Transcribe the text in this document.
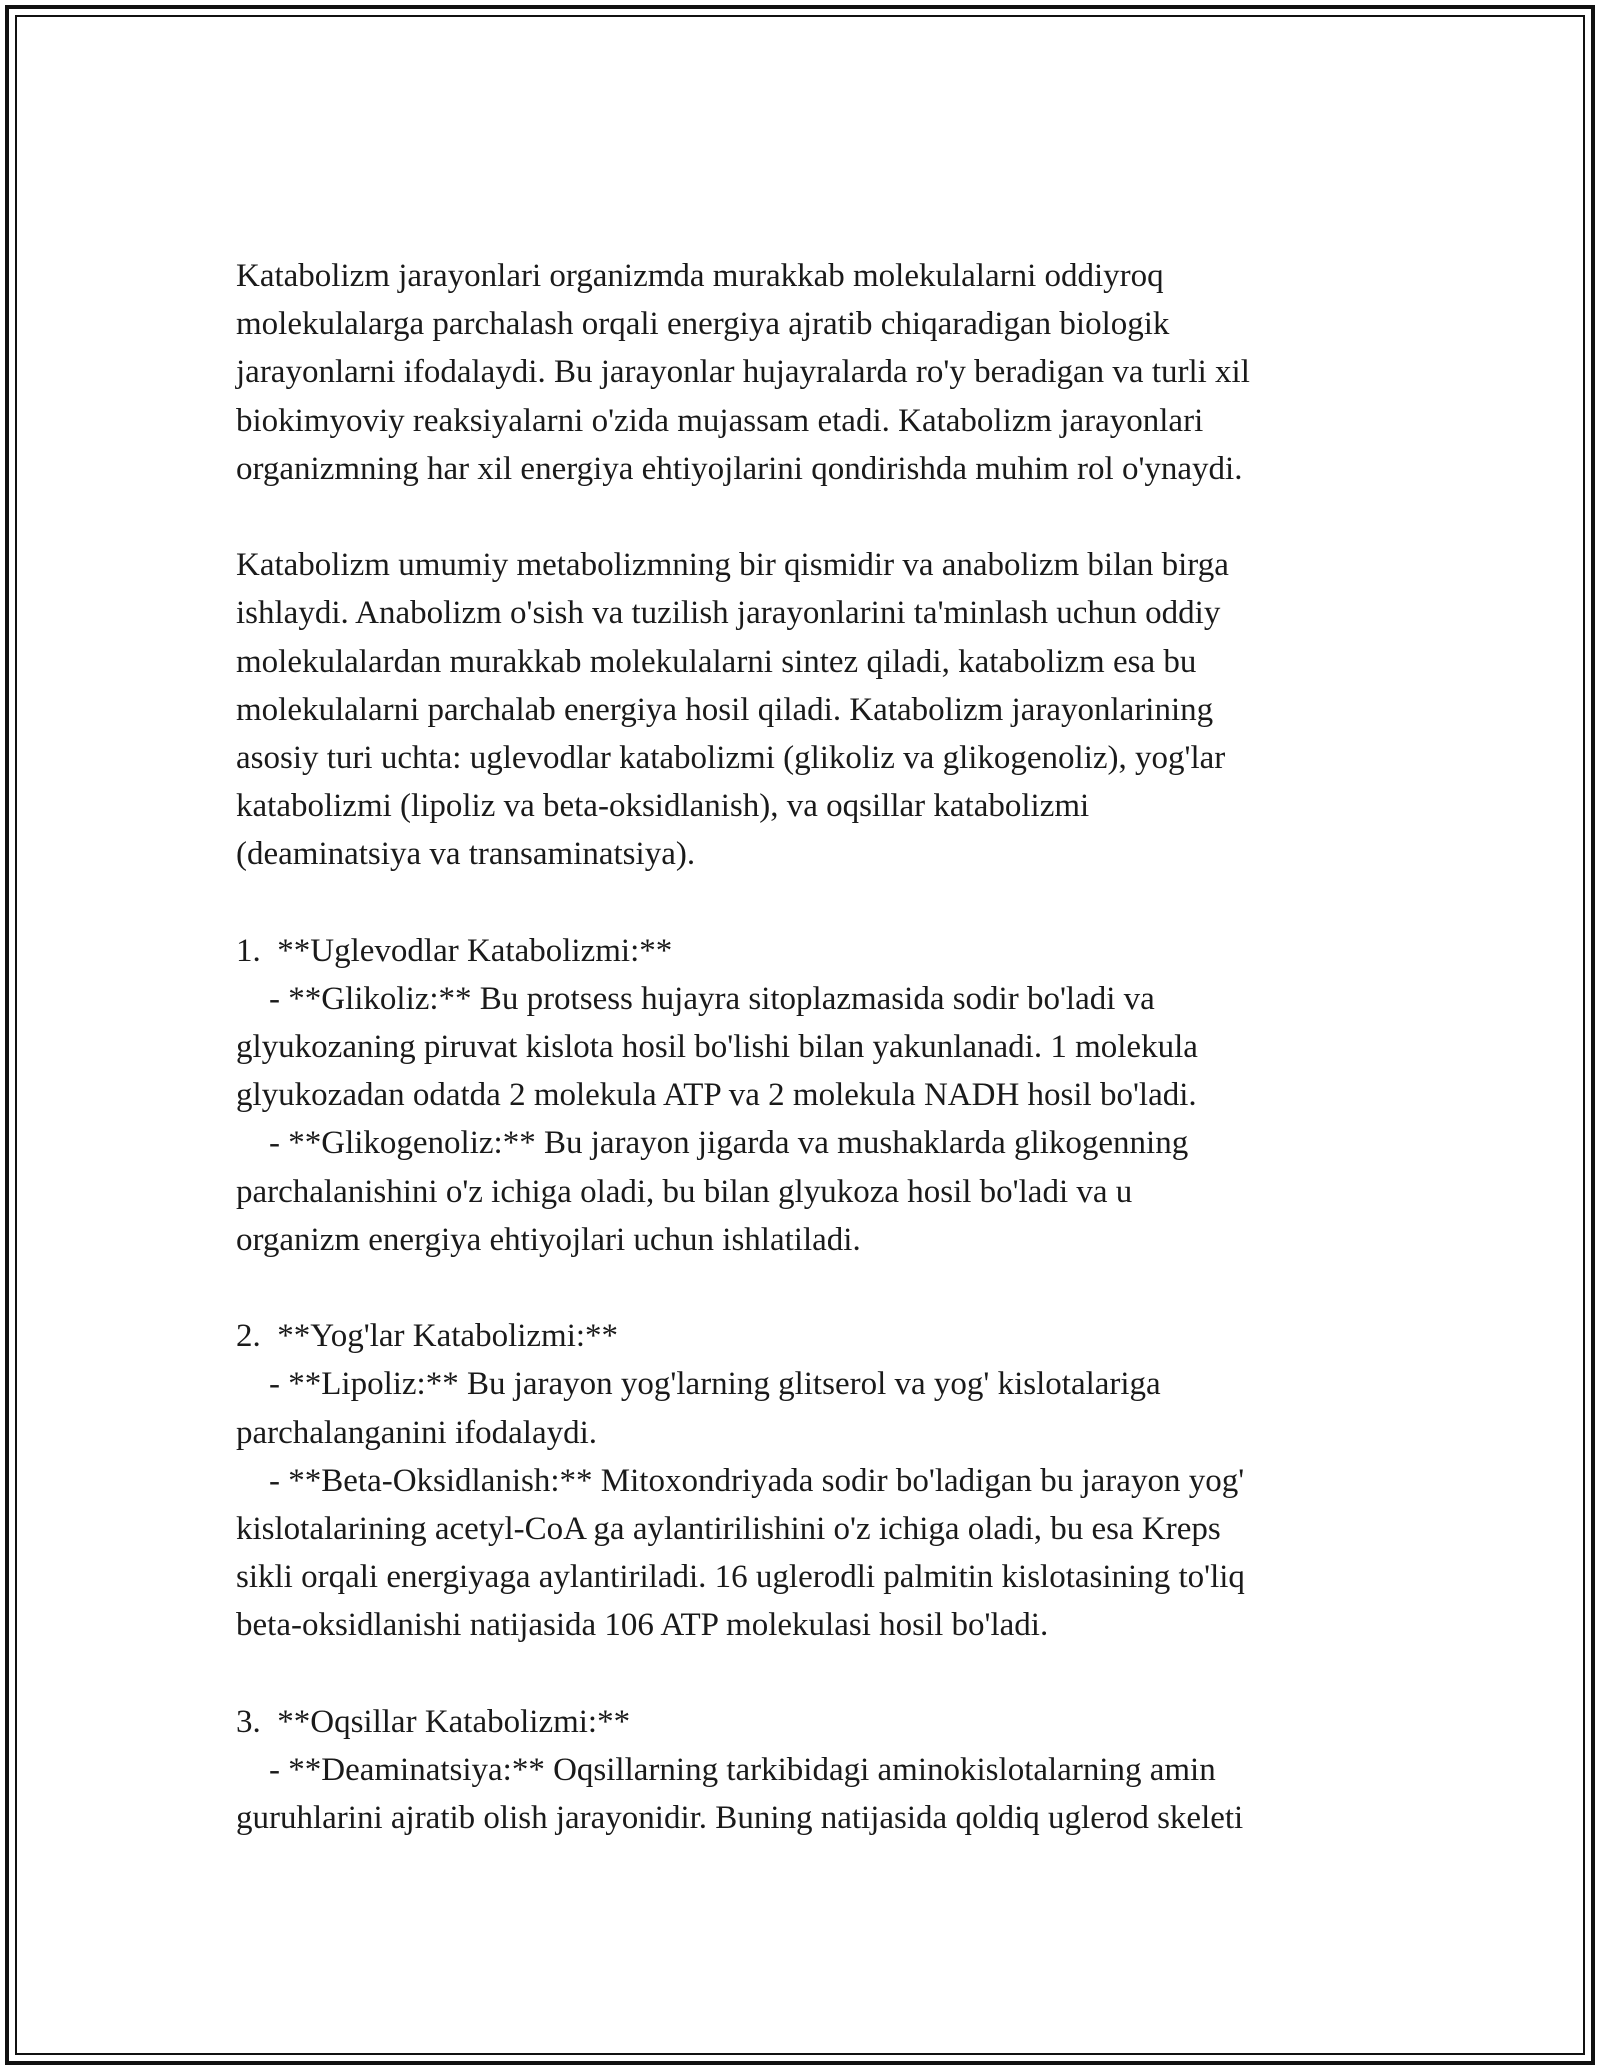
Katabolizm jarayonlari organizmda murakkab molekulalarni oddiyroq
molekulalarga parchalash orqali energiya ajratib chiqaradigan biologik
jarayonlarni ifodalaydi. Bu jarayonlar hujayralarda ro'y beradigan va turli xil
biokimyoviy reaksiyalarni o'zida mujassam etadi. Katabolizm jarayonlari
organizmning har xil energiya ehtiyojlarini qondirishda muhim rol o'ynaydi.
Katabolizm umumiy metabolizmning bir qismidir va anabolizm bilan birga
ishlaydi. Anabolizm o'sish va tuzilish jarayonlarini ta'minlash uchun oddiy
molekulalardan murakkab molekulalarni sintez qiladi, katabolizm esa bu
molekulalarni parchalab energiya hosil qiladi. Katabolizm jarayonlarining
asosiy turi uchta: uglevodlar katabolizmi (glikoliz va glikogenoliz), yog'lar
katabolizmi (lipoliz va beta-oksidlanish), va oqsillar katabolizmi
(deaminatsiya va transaminatsiya).
1.  **Uglevodlar Katabolizmi:**
- **Glikoliz:** Bu protsess hujayra sitoplazmasida sodir bo'ladi va
glyukozaning piruvat kislota hosil bo'lishi bilan yakunlanadi. 1 molekula
glyukozadan odatda 2 molekula ATP va 2 molekula NADH hosil bo'ladi.
- **Glikogenoliz:** Bu jarayon jigarda va mushaklarda glikogenning
parchalanishini o'z ichiga oladi, bu bilan glyukoza hosil bo'ladi va u
organizm energiya ehtiyojlari uchun ishlatiladi.
2.  **Yog'lar Katabolizmi:**
- **Lipoliz:** Bu jarayon yog'larning glitserol va yog' kislotalariga
parchalanganini ifodalaydi.
- **Beta-Oksidlanish:** Mitoxondriyada sodir bo'ladigan bu jarayon yog'
kislotalarining acetyl-CoA ga aylantirilishini o'z ichiga oladi, bu esa Kreps
sikli orqali energiyaga aylantiriladi. 16 uglerodli palmitin kislotasining to'liq
beta-oksidlanishi natijasida 106 ATP molekulasi hosil bo'ladi.
3.  **Oqsillar Katabolizmi:**
- **Deaminatsiya:** Oqsillarning tarkibidagi aminokislotalarning amin
guruhlarini ajratib olish jarayonidir. Buning natijasida qoldiq uglerod skeleti
